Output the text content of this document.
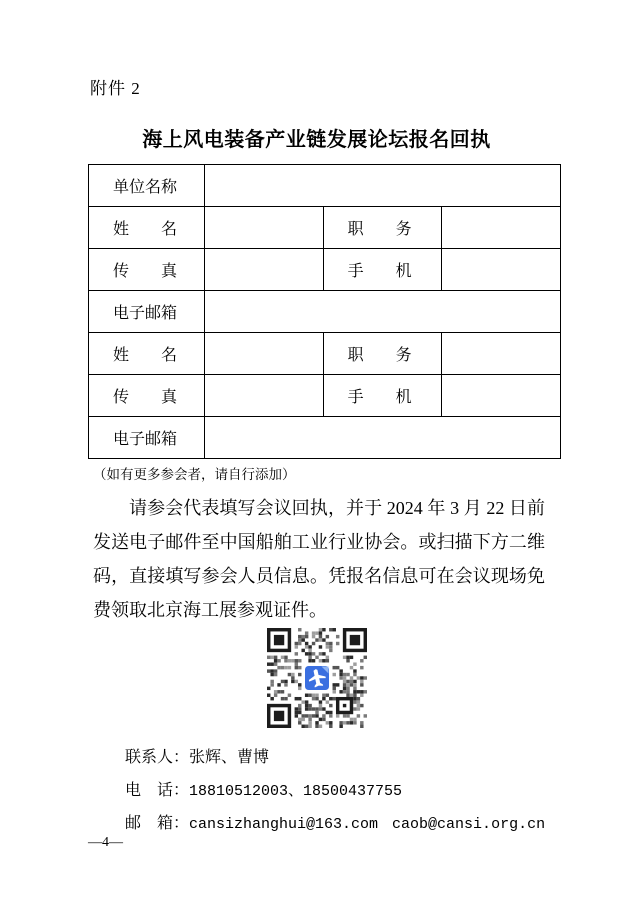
附件 2
海上风电装备产业链发展论坛报名回执
单位名称			
姓　　名		职　　务	
传　　真		手　　机	
电子邮箱			
姓　　名		职　　务	
传　　真		手　　机	
电子邮箱			
（如有更多参会者，请自行添加）

请参会代表填写会议回执，并于 2024 年 3 月 22 日前发送电子邮件至中国船舶工业行业协会。或扫描下方二维码，直接填写参会人员信息。凭报名信息可在会议现场免费领取北京海工展参观证件。

联系人：张辉、曹博
电　话：18810512003、18500437755
邮　箱：cansizhanghui@163.com caob@cansi.org.cn
—4—
